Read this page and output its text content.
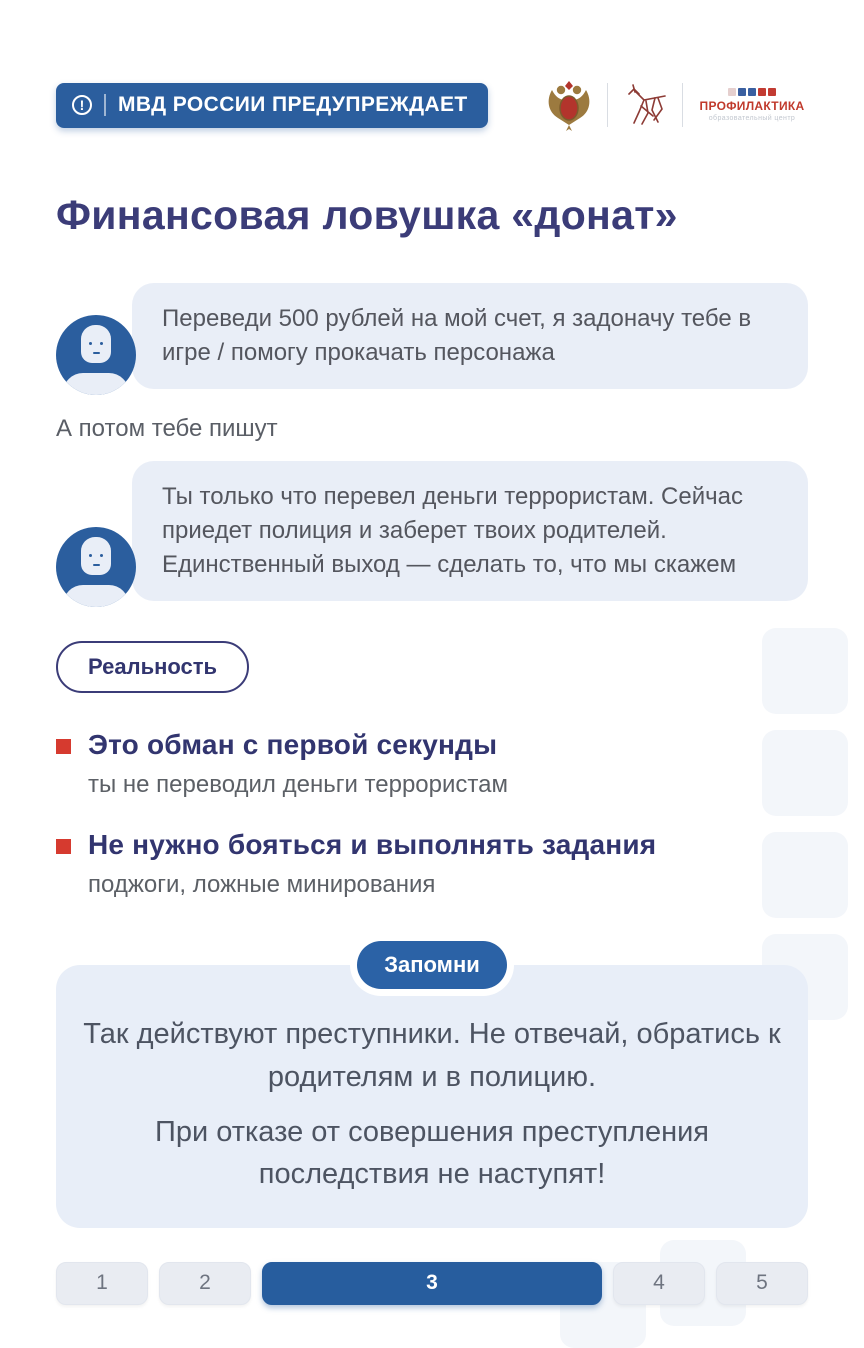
!	МВД РОССИИ ПРЕДУПРЕЖДАЕТ	ПРОФИЛАКТИКА
образовательный центр
Финансовая ловушка «донат»
Переведи 500 рублей на мой счет, я задоначу тебе в игре / помогу прокачать персонажа
А потом тебе пишут
Ты только что перевел деньги террористам. Сейчас приедет полиция и заберет твоих родителей. Единственный выход — сделать то, что мы скажем
Реальность
Это обман с первой секунды
ты не переводил деньги террористам
Не нужно бояться и выполнять задания
поджоги, ложные минирования
Запомни

Так действуют преступники. Не отвечай, обратись к родителям и в полицию.

При отказе от совершения преступления последствия не наступят!

1	2	3	4	5
